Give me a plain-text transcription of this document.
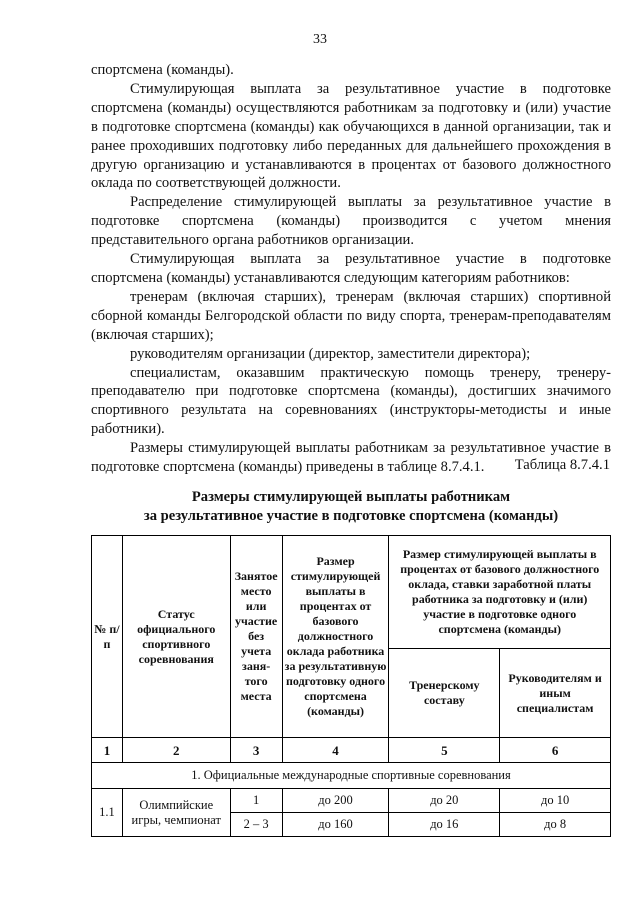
33

спортсмена (команды).

Стимулирующая выплата за результативное участие в подготовке спортсмена (команды) осуществляются работникам за подготовку и (или) участие в подготовке спортсмена (команды) как обучающихся в данной организации, так и ранее проходивших подготовку либо переданных для дальнейшего прохождения в другую организацию и устанавливаются в процентах от базового должностного оклада по соответствующей должности.

Распределение стимулирующей выплаты за результативное участие в подготовке спортсмена (команды) производится с учетом мнения представительного органа работников организации.

Стимулирующая выплата за результативное участие в подготовке спортсмена (команды) устанавливаются следующим категориям работников:

тренерам (включая старших), тренерам (включая старших) спортивной сборной команды Белгородской области по виду спорта, тренерам-преподавателям (включая старших);

руководителям организации (директор, заместители директора);

специалистам, оказавшим практическую помощь тренеру, тренеру-преподавателю при подготовке спортсмена (команды), достигших значимого спортивного результата на соревнованиях (инструкторы-методисты и иные работники).

Размеры стимулирующей выплаты работникам за результативное участие в подготовке спортсмена (команды) приведены в таблице 8.7.4.1.	Таблица 8.7.4.1
Размеры стимулирующей выплаты работникам
за результативное участие в подготовке спортсмена (команды)
№ п/п	Статус официального спортивного соревнования	Занятое место или участие без учета заня-того места	Размер стимулирующей выплаты в процентах от базового должностного оклада работника за результативную подготовку одного спортсмена (команды)	Размер стимулирующей выплаты в процентах от базового должностного оклада, ставки заработной платы работника за подготовку и (или) участие в подготовке одного спортсмена (команды)	
				Тренерскому составу	Руководителям и иным специалистам
1	2	3	4	5	6
1. Официальные международные спортивные соревнования					
1.1	Олимпийские игры, чемпионат	1	до 200	до 20	до 10
		2 – 3	до 160	до 16	до 8
